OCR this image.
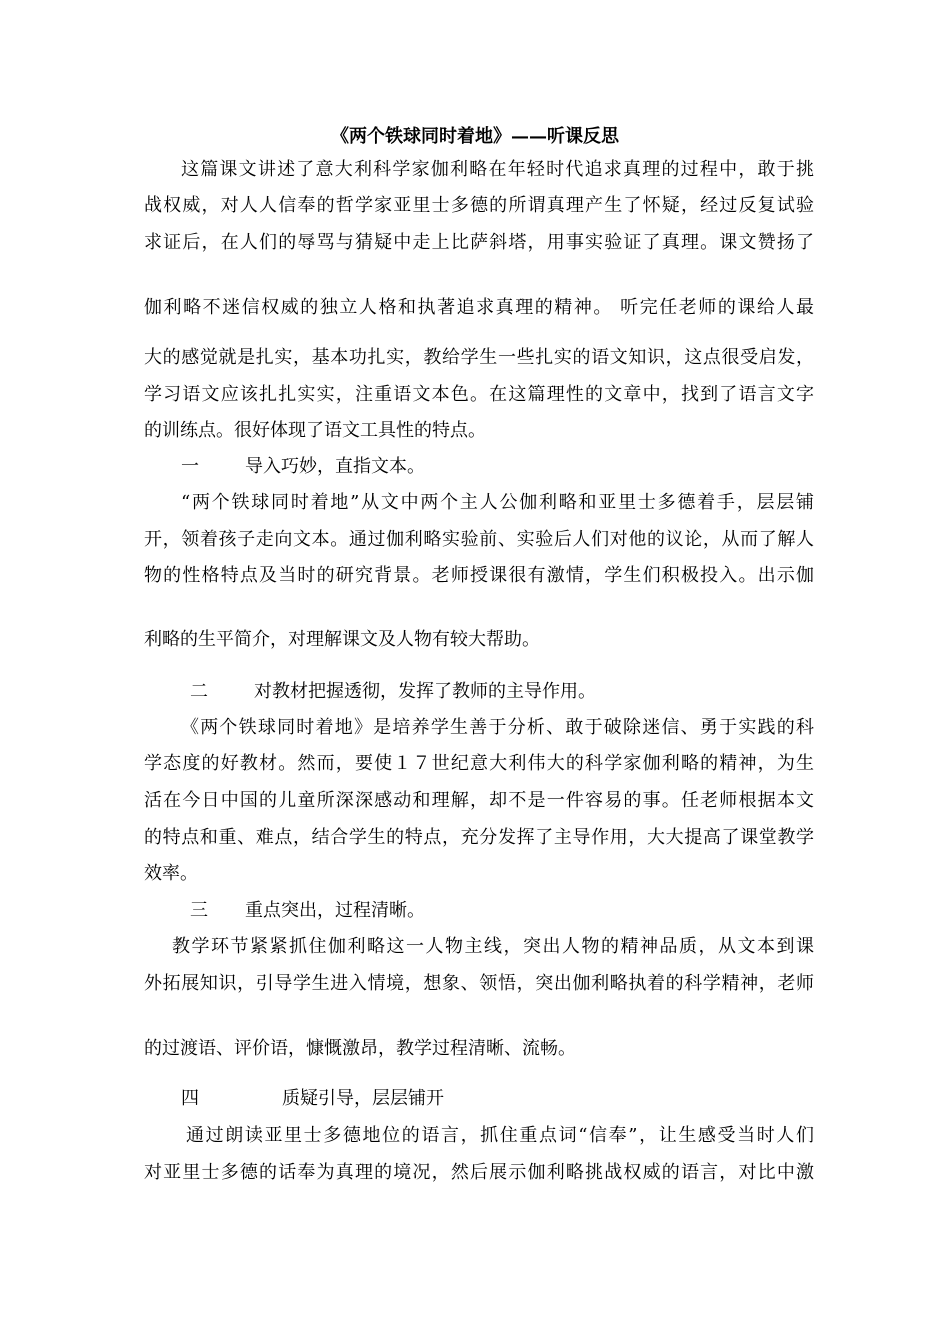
《两个铁球同时着地》——听课反思
这篇课文讲述了意大利科学家伽利略在年轻时代追求真理的过程中，敢于挑
战权威，对人人信奉的哲学家亚里士多德的所谓真理产生了怀疑，经过反复试验
求证后，在人们的辱骂与猜疑中走上比萨斜塔，用事实验证了真理。课文赞扬了
伽利略不迷信权威的独立人格和执著追求真理的精神。 听完任老师的课给人最
大的感觉就是扎实，基本功扎实，教给学生一些扎实的语文知识，这点很受启发，
学习语文应该扎扎实实，注重语文本色。在这篇理性的文章中，找到了语言文字
的训练点。很好体现了语文工具性的特点。
一	导入巧妙，直指文本。
“两个铁球同时着地”从文中两个主人公伽利略和亚里士多德着手，层层铺
开，领着孩子走向文本。通过伽利略实验前、实验后人们对他的议论，从而了解人
物的性格特点及当时的研究背景。老师授课很有激情，学生们积极投入。出示伽
利略的生平简介，对理解课文及人物有较大帮助。
二	对教材把握透彻，发挥了教师的主导作用。
《两个铁球同时着地》是培养学生善于分析、敢于破除迷信、勇于实践的科
学态度的好教材。然而，要使１７世纪意大利伟大的科学家伽利略的精神，为生
活在今日中国的儿童所深深感动和理解，却不是一件容易的事。任老师根据本文
的特点和重、难点，结合学生的特点，充分发挥了主导作用，大大提高了课堂教学
效率。
三 重点突出，过程清晰。
教学环节紧紧抓住伽利略这一人物主线，突出人物的精神品质，从文本到课
外拓展知识，引导学生进入情境，想象、领悟，突出伽利略执着的科学精神，老师
的过渡语、评价语，慷慨激昂，教学过程清晰、流畅。
四	质疑引导，层层铺开
通过朗读亚里士多德地位的语言，抓住重点词“信奉”，让生感受当时人们
对亚里士多德的话奉为真理的境况，然后展示伽利略挑战权威的语言，对比中激
